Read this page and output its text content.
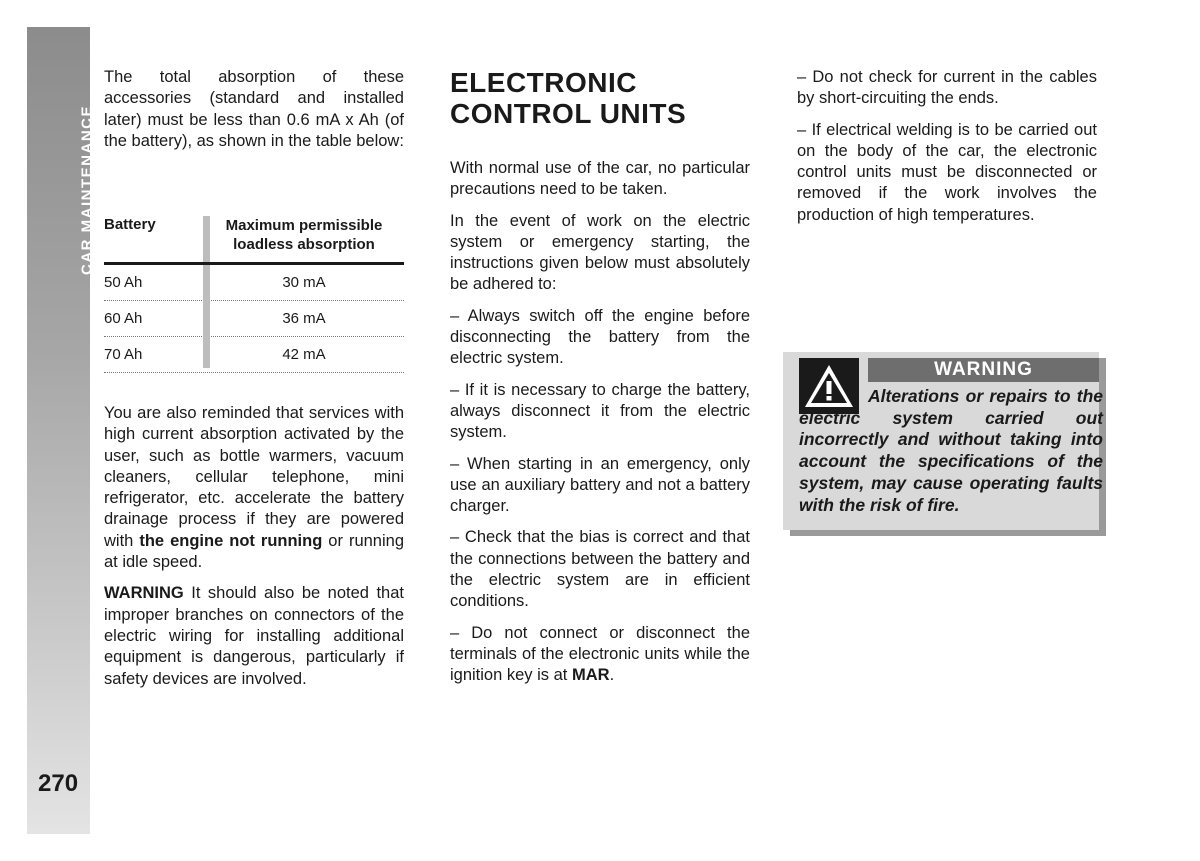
CAR MAINTENANCE
270

The total absorption of these accessories (standard and installed later) must be less than 0.6 mA x Ah (of the battery), as shown in the table below:

Battery	Maximum permissible loadless absorption
50 Ah	30 mA
60 Ah	36 mA
70 Ah	42 mA

You are also reminded that services with high current absorption activated by the user, such as bottle warmers, vacuum cleaners, cellular telephone, mini refrigerator, etc. accelerate the battery drainage process if they are powered with the engine not running or running at idle speed.

WARNING It should also be noted that improper branches on connectors of the electric wiring for installing additional equipment is dangerous, particularly if safety devices are involved.

ELECTRONIC CONTROL UNITS

With normal use of the car, no particular precautions need to be taken.

In the event of work on the electric system or emergency starting, the instructions given below must absolutely be adhered to:

– Always switch off the engine before disconnecting the battery from the electric system.

– If it is necessary to charge the battery, always disconnect it from the electric system.

– When starting in an emergency, only use an auxiliary battery and not a battery charger.

– Check that the bias is correct and that the connections between the battery and the electric system are in efficient conditions.

– Do not connect or disconnect the terminals of the electronic units while the ignition key is at MAR.

– Do not check for current in the cables by short-circuiting the ends.

– If electrical welding is to be carried out on the body of the car, the electronic control units must be disconnected or removed if the work involves the production of high temperatures.

WARNING
Alterations or repairs to the electric system carried out incorrectly and without taking into account the specifications of the system, may cause operating faults with the risk of fire.
